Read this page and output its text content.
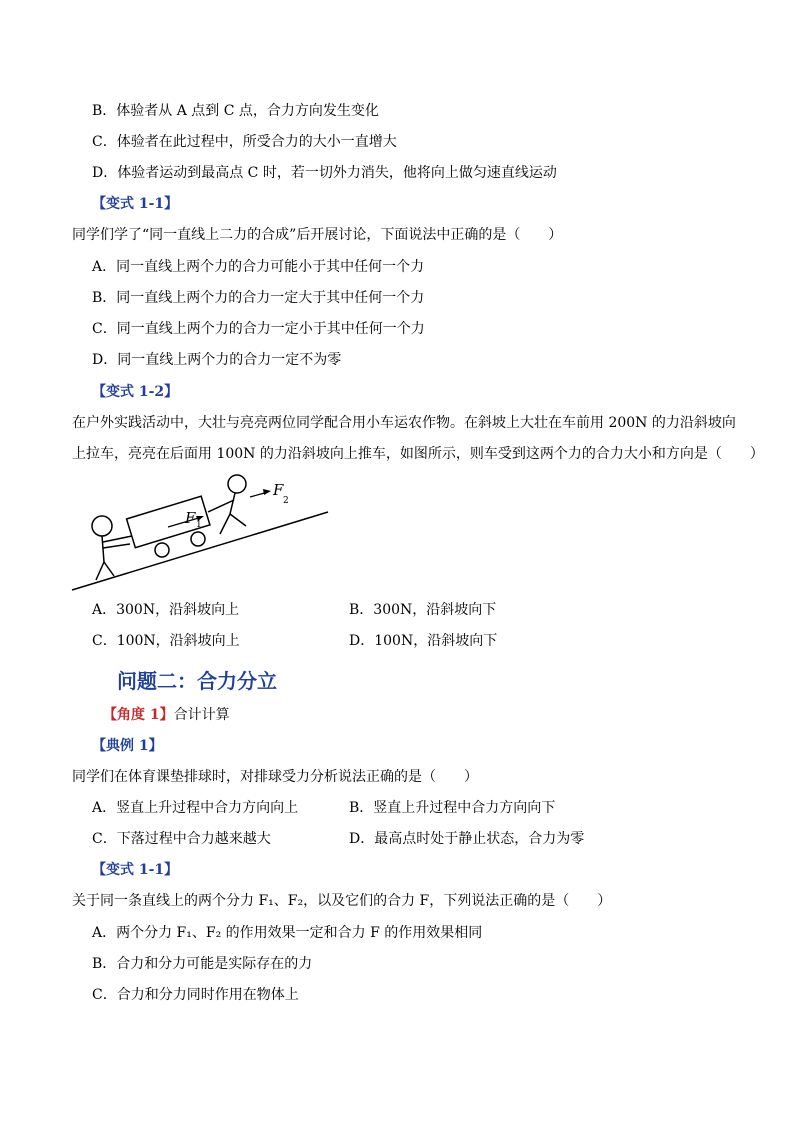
B．体验者从 A 点到 C 点，合力方向发生变化
C．体验者在此过程中，所受合力的大小一直增大
D．体验者运动到最高点 C 时，若一切外力消失，他将向上做匀速直线运动
【变式 1-1】
同学们学了“同一直线上二力的合成”后开展讨论，下面说法中正确的是（　　）
A．同一直线上两个力的合力可能小于其中任何一个力
B．同一直线上两个力的合力一定大于其中任何一个力
C．同一直线上两个力的合力一定小于其中任何一个力
D．同一直线上两个力的合力一定不为零
【变式 1-2】
在户外实践活动中，大壮与亮亮两位同学配合用小车运农作物。在斜坡上大壮在车前用 200N 的力沿斜坡向
上拉车，亮亮在后面用 100N 的力沿斜坡向上推车，如图所示，则车受到这两个力的合力大小和方向是（　　）
F 1
F
2
A．300N，沿斜坡向上	B．300N，沿斜坡向下
C．100N，沿斜坡向上	D．100N，沿斜坡向下
问题二：合力分立
【角度 1】合计计算
【典例 1】
同学们在体育课垫排球时，对排球受力分析说法正确的是（　　）
A．竖直上升过程中合力方向向上	B．竖直上升过程中合力方向向下
C．下落过程中合力越来越大	D．最高点时处于静止状态，合力为零
【变式 1-1】
关于同一条直线上的两个分力 F₁、F₂，以及它们的合力 F，下列说法正确的是（　　）
A．两个分力 F₁、F₂ 的作用效果一定和合力 F 的作用效果相同
B．合力和分力可能是实际存在的力
C．合力和分力同时作用在物体上
